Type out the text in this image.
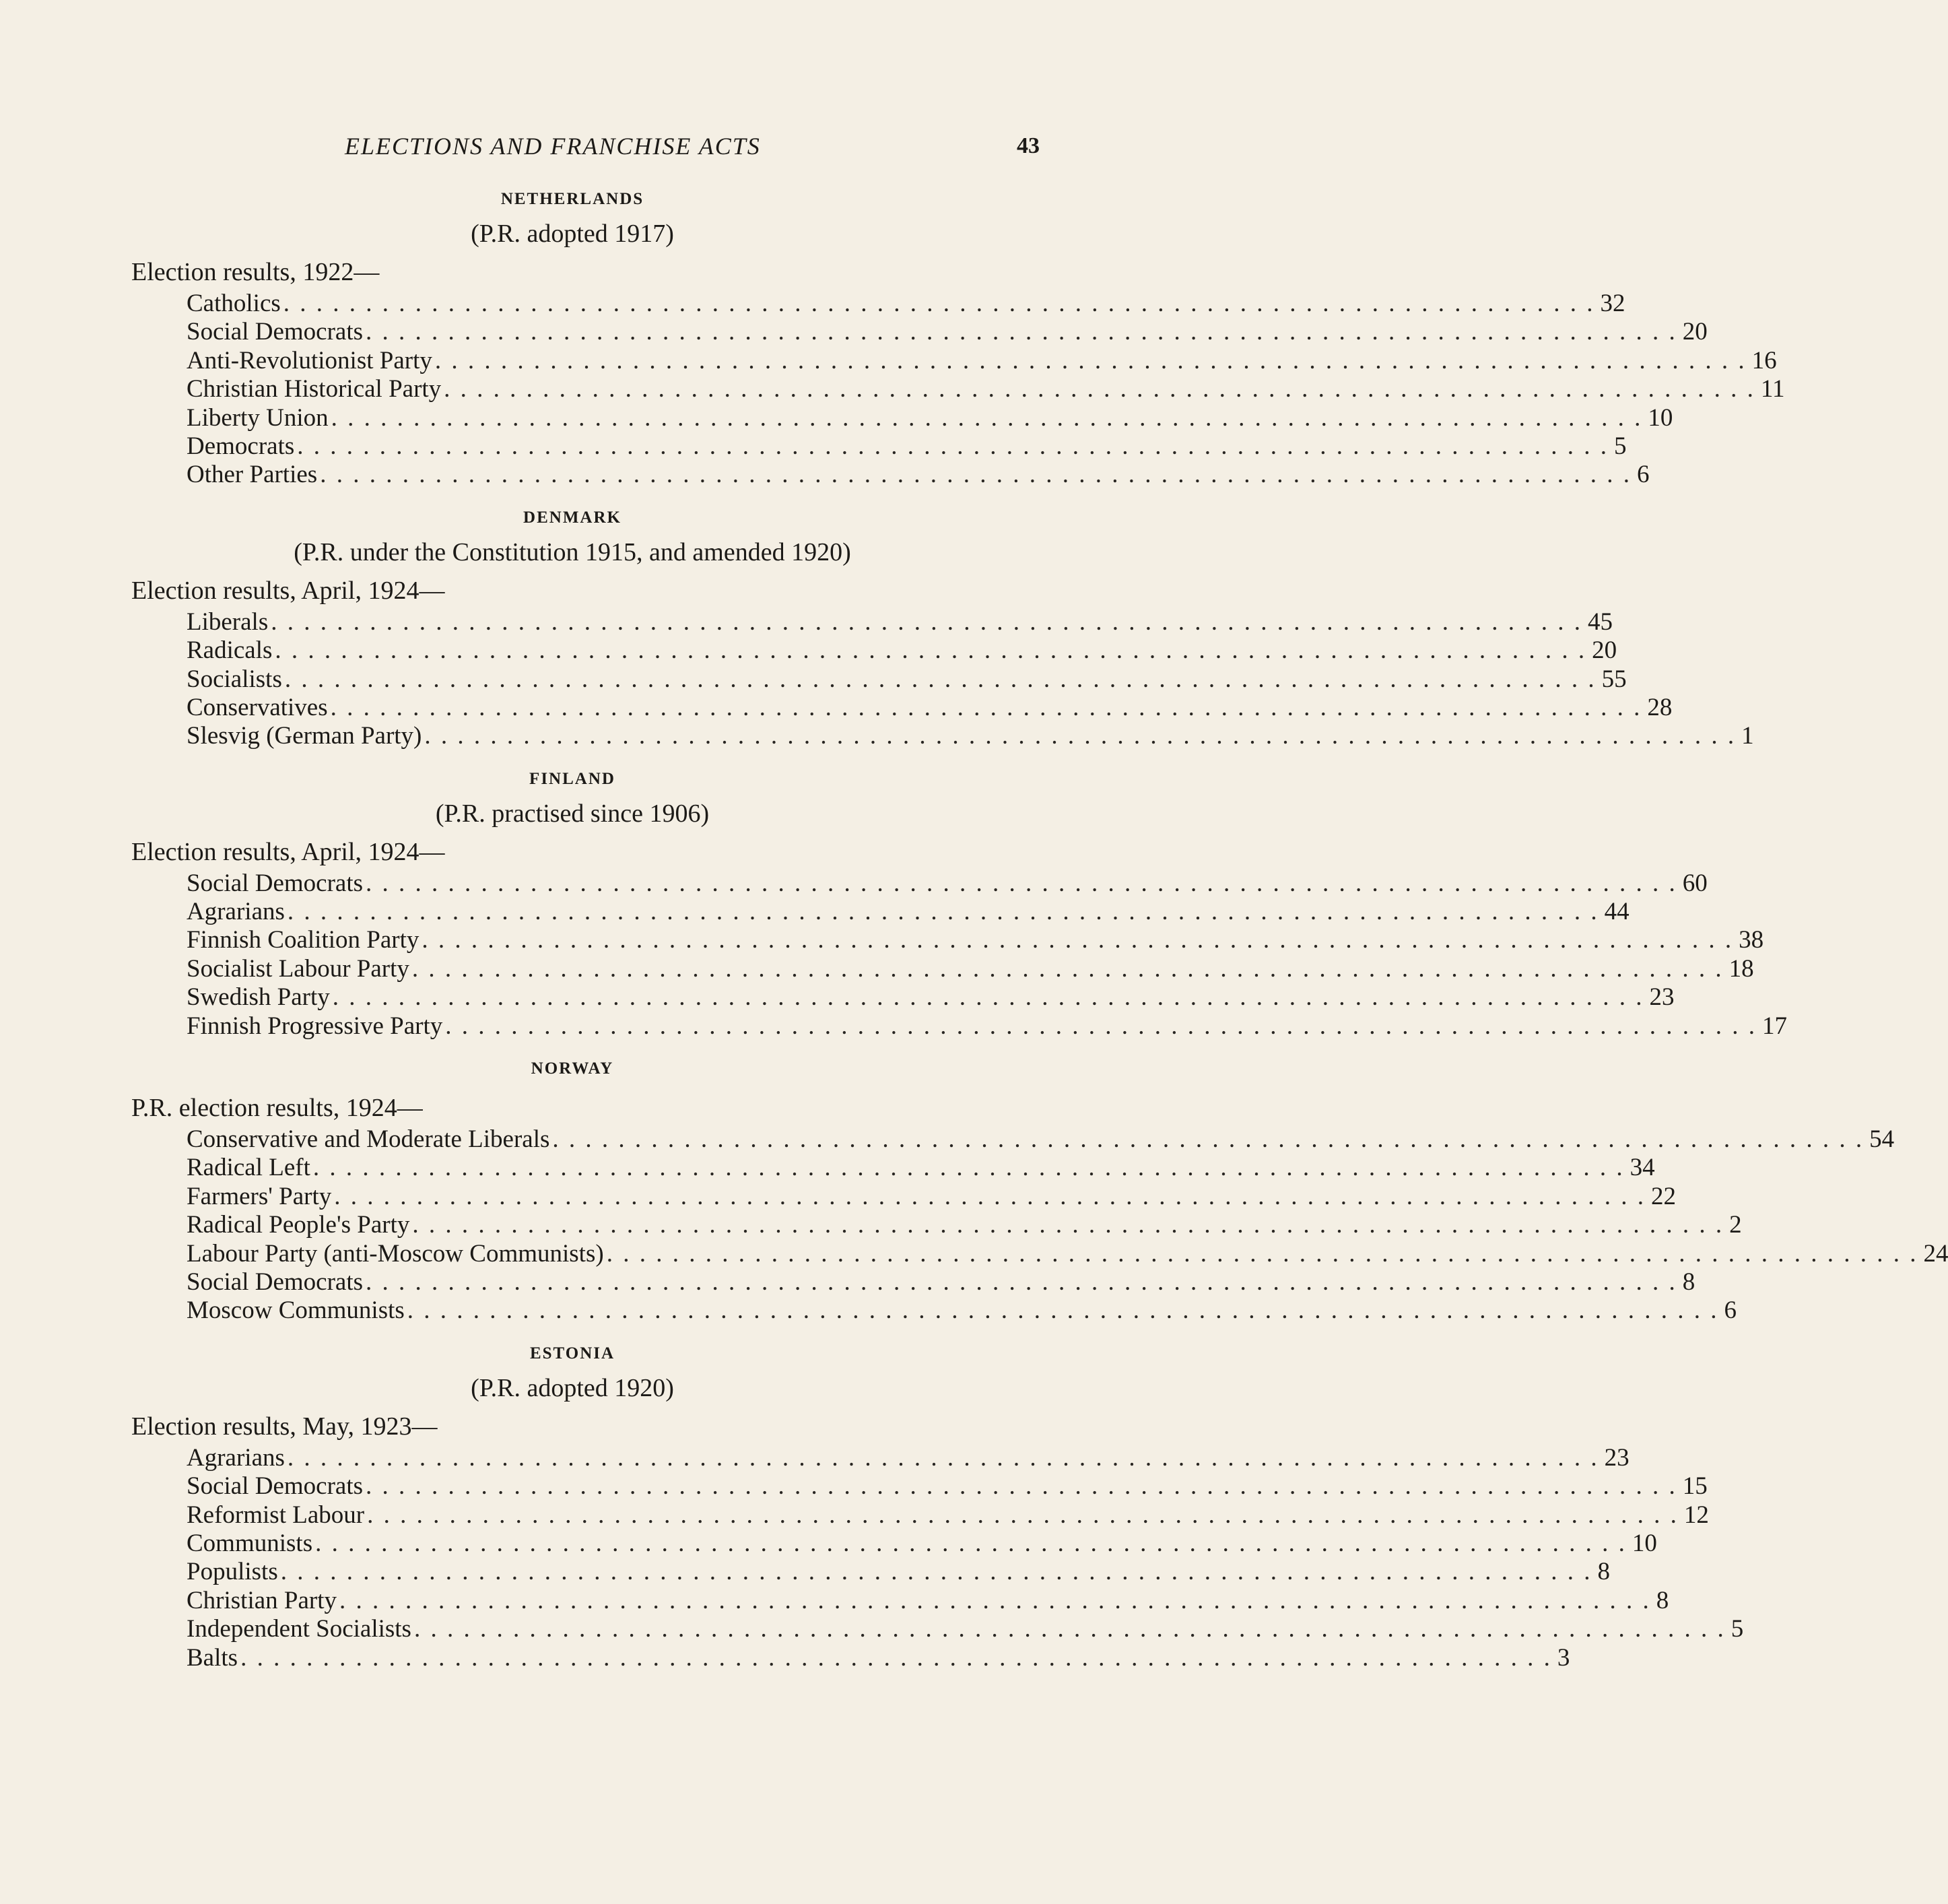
ELECTIONS AND FRANCHISE ACTS	43
NETHERLANDS
(P.R. adopted 1917)
Election results, 1922—
Catholics . . . . . . . . . . . . . . . . . . . . . . . . . . . . . . . . . . . . . . . . . . . . . . . . . . . . . . . . . . . . . . . . . . . . . . . . . . . . . . . . 32
Social Democrats . . . . . . . . . . . . . . . . . . . . . . . . . . . . . . . . . . . . . . . . . . . . . . . . . . . . . . . . . . . . . . . . . . . . . . . . . . . . . . . . 20
Anti-Revolutionist Party . . . . . . . . . . . . . . . . . . . . . . . . . . . . . . . . . . . . . . . . . . . . . . . . . . . . . . . . . . . . . . . . . . . . . . . . . . . . . . . . 16
Christian Historical Party . . . . . . . . . . . . . . . . . . . . . . . . . . . . . . . . . . . . . . . . . . . . . . . . . . . . . . . . . . . . . . . . . . . . . . . . . . . . . . . . 11
Liberty Union . . . . . . . . . . . . . . . . . . . . . . . . . . . . . . . . . . . . . . . . . . . . . . . . . . . . . . . . . . . . . . . . . . . . . . . . . . . . . . . . 10
Democrats . . . . . . . . . . . . . . . . . . . . . . . . . . . . . . . . . . . . . . . . . . . . . . . . . . . . . . . . . . . . . . . . . . . . . . . . . . . . . . . . 5
Other Parties . . . . . . . . . . . . . . . . . . . . . . . . . . . . . . . . . . . . . . . . . . . . . . . . . . . . . . . . . . . . . . . . . . . . . . . . . . . . . . . . 6
DENMARK
(P.R. under the Constitution 1915, and amended 1920)
Election results, April, 1924—
Liberals . . . . . . . . . . . . . . . . . . . . . . . . . . . . . . . . . . . . . . . . . . . . . . . . . . . . . . . . . . . . . . . . . . . . . . . . . . . . . . . . 45
Radicals . . . . . . . . . . . . . . . . . . . . . . . . . . . . . . . . . . . . . . . . . . . . . . . . . . . . . . . . . . . . . . . . . . . . . . . . . . . . . . . . 20
Socialists . . . . . . . . . . . . . . . . . . . . . . . . . . . . . . . . . . . . . . . . . . . . . . . . . . . . . . . . . . . . . . . . . . . . . . . . . . . . . . . . 55
Conservatives . . . . . . . . . . . . . . . . . . . . . . . . . . . . . . . . . . . . . . . . . . . . . . . . . . . . . . . . . . . . . . . . . . . . . . . . . . . . . . . . 28
Slesvig (German Party) . . . . . . . . . . . . . . . . . . . . . . . . . . . . . . . . . . . . . . . . . . . . . . . . . . . . . . . . . . . . . . . . . . . . . . . . . . . . . . . . 1
FINLAND
(P.R. practised since 1906)
Election results, April, 1924—
Social Democrats . . . . . . . . . . . . . . . . . . . . . . . . . . . . . . . . . . . . . . . . . . . . . . . . . . . . . . . . . . . . . . . . . . . . . . . . . . . . . . . . 60
Agrarians . . . . . . . . . . . . . . . . . . . . . . . . . . . . . . . . . . . . . . . . . . . . . . . . . . . . . . . . . . . . . . . . . . . . . . . . . . . . . . . . 44
Finnish Coalition Party . . . . . . . . . . . . . . . . . . . . . . . . . . . . . . . . . . . . . . . . . . . . . . . . . . . . . . . . . . . . . . . . . . . . . . . . . . . . . . . . 38
Socialist Labour Party . . . . . . . . . . . . . . . . . . . . . . . . . . . . . . . . . . . . . . . . . . . . . . . . . . . . . . . . . . . . . . . . . . . . . . . . . . . . . . . . 18
Swedish Party . . . . . . . . . . . . . . . . . . . . . . . . . . . . . . . . . . . . . . . . . . . . . . . . . . . . . . . . . . . . . . . . . . . . . . . . . . . . . . . . 23
Finnish Progressive Party . . . . . . . . . . . . . . . . . . . . . . . . . . . . . . . . . . . . . . . . . . . . . . . . . . . . . . . . . . . . . . . . . . . . . . . . . . . . . . . . 17
NORWAY
P.R. election results, 1924—
Conservative and Moderate Liberals . . . . . . . . . . . . . . . . . . . . . . . . . . . . . . . . . . . . . . . . . . . . . . . . . . . . . . . . . . . . . . . . . . . . . . . . . . . . . . . . 54
Radical Left . . . . . . . . . . . . . . . . . . . . . . . . . . . . . . . . . . . . . . . . . . . . . . . . . . . . . . . . . . . . . . . . . . . . . . . . . . . . . . . . 34
Farmers' Party . . . . . . . . . . . . . . . . . . . . . . . . . . . . . . . . . . . . . . . . . . . . . . . . . . . . . . . . . . . . . . . . . . . . . . . . . . . . . . . . 22
Radical People's Party . . . . . . . . . . . . . . . . . . . . . . . . . . . . . . . . . . . . . . . . . . . . . . . . . . . . . . . . . . . . . . . . . . . . . . . . . . . . . . . . 2
Labour Party (anti-Moscow Communists) . . . . . . . . . . . . . . . . . . . . . . . . . . . . . . . . . . . . . . . . . . . . . . . . . . . . . . . . . . . . . . . . . . . . . . . . . . . . . . . . 24
Social Democrats . . . . . . . . . . . . . . . . . . . . . . . . . . . . . . . . . . . . . . . . . . . . . . . . . . . . . . . . . . . . . . . . . . . . . . . . . . . . . . . . 8
Moscow Communists . . . . . . . . . . . . . . . . . . . . . . . . . . . . . . . . . . . . . . . . . . . . . . . . . . . . . . . . . . . . . . . . . . . . . . . . . . . . . . . . 6
ESTONIA
(P.R. adopted 1920)
Election results, May, 1923—
Agrarians . . . . . . . . . . . . . . . . . . . . . . . . . . . . . . . . . . . . . . . . . . . . . . . . . . . . . . . . . . . . . . . . . . . . . . . . . . . . . . . . 23
Social Democrats . . . . . . . . . . . . . . . . . . . . . . . . . . . . . . . . . . . . . . . . . . . . . . . . . . . . . . . . . . . . . . . . . . . . . . . . . . . . . . . . 15
Reformist Labour . . . . . . . . . . . . . . . . . . . . . . . . . . . . . . . . . . . . . . . . . . . . . . . . . . . . . . . . . . . . . . . . . . . . . . . . . . . . . . . . 12
Communists . . . . . . . . . . . . . . . . . . . . . . . . . . . . . . . . . . . . . . . . . . . . . . . . . . . . . . . . . . . . . . . . . . . . . . . . . . . . . . . . 10
Populists . . . . . . . . . . . . . . . . . . . . . . . . . . . . . . . . . . . . . . . . . . . . . . . . . . . . . . . . . . . . . . . . . . . . . . . . . . . . . . . . 8
Christian Party . . . . . . . . . . . . . . . . . . . . . . . . . . . . . . . . . . . . . . . . . . . . . . . . . . . . . . . . . . . . . . . . . . . . . . . . . . . . . . . . 8
Independent Socialists . . . . . . . . . . . . . . . . . . . . . . . . . . . . . . . . . . . . . . . . . . . . . . . . . . . . . . . . . . . . . . . . . . . . . . . . . . . . . . . . 5
Balts . . . . . . . . . . . . . . . . . . . . . . . . . . . . . . . . . . . . . . . . . . . . . . . . . . . . . . . . . . . . . . . . . . . . . . . . . . . . . . . . 3
